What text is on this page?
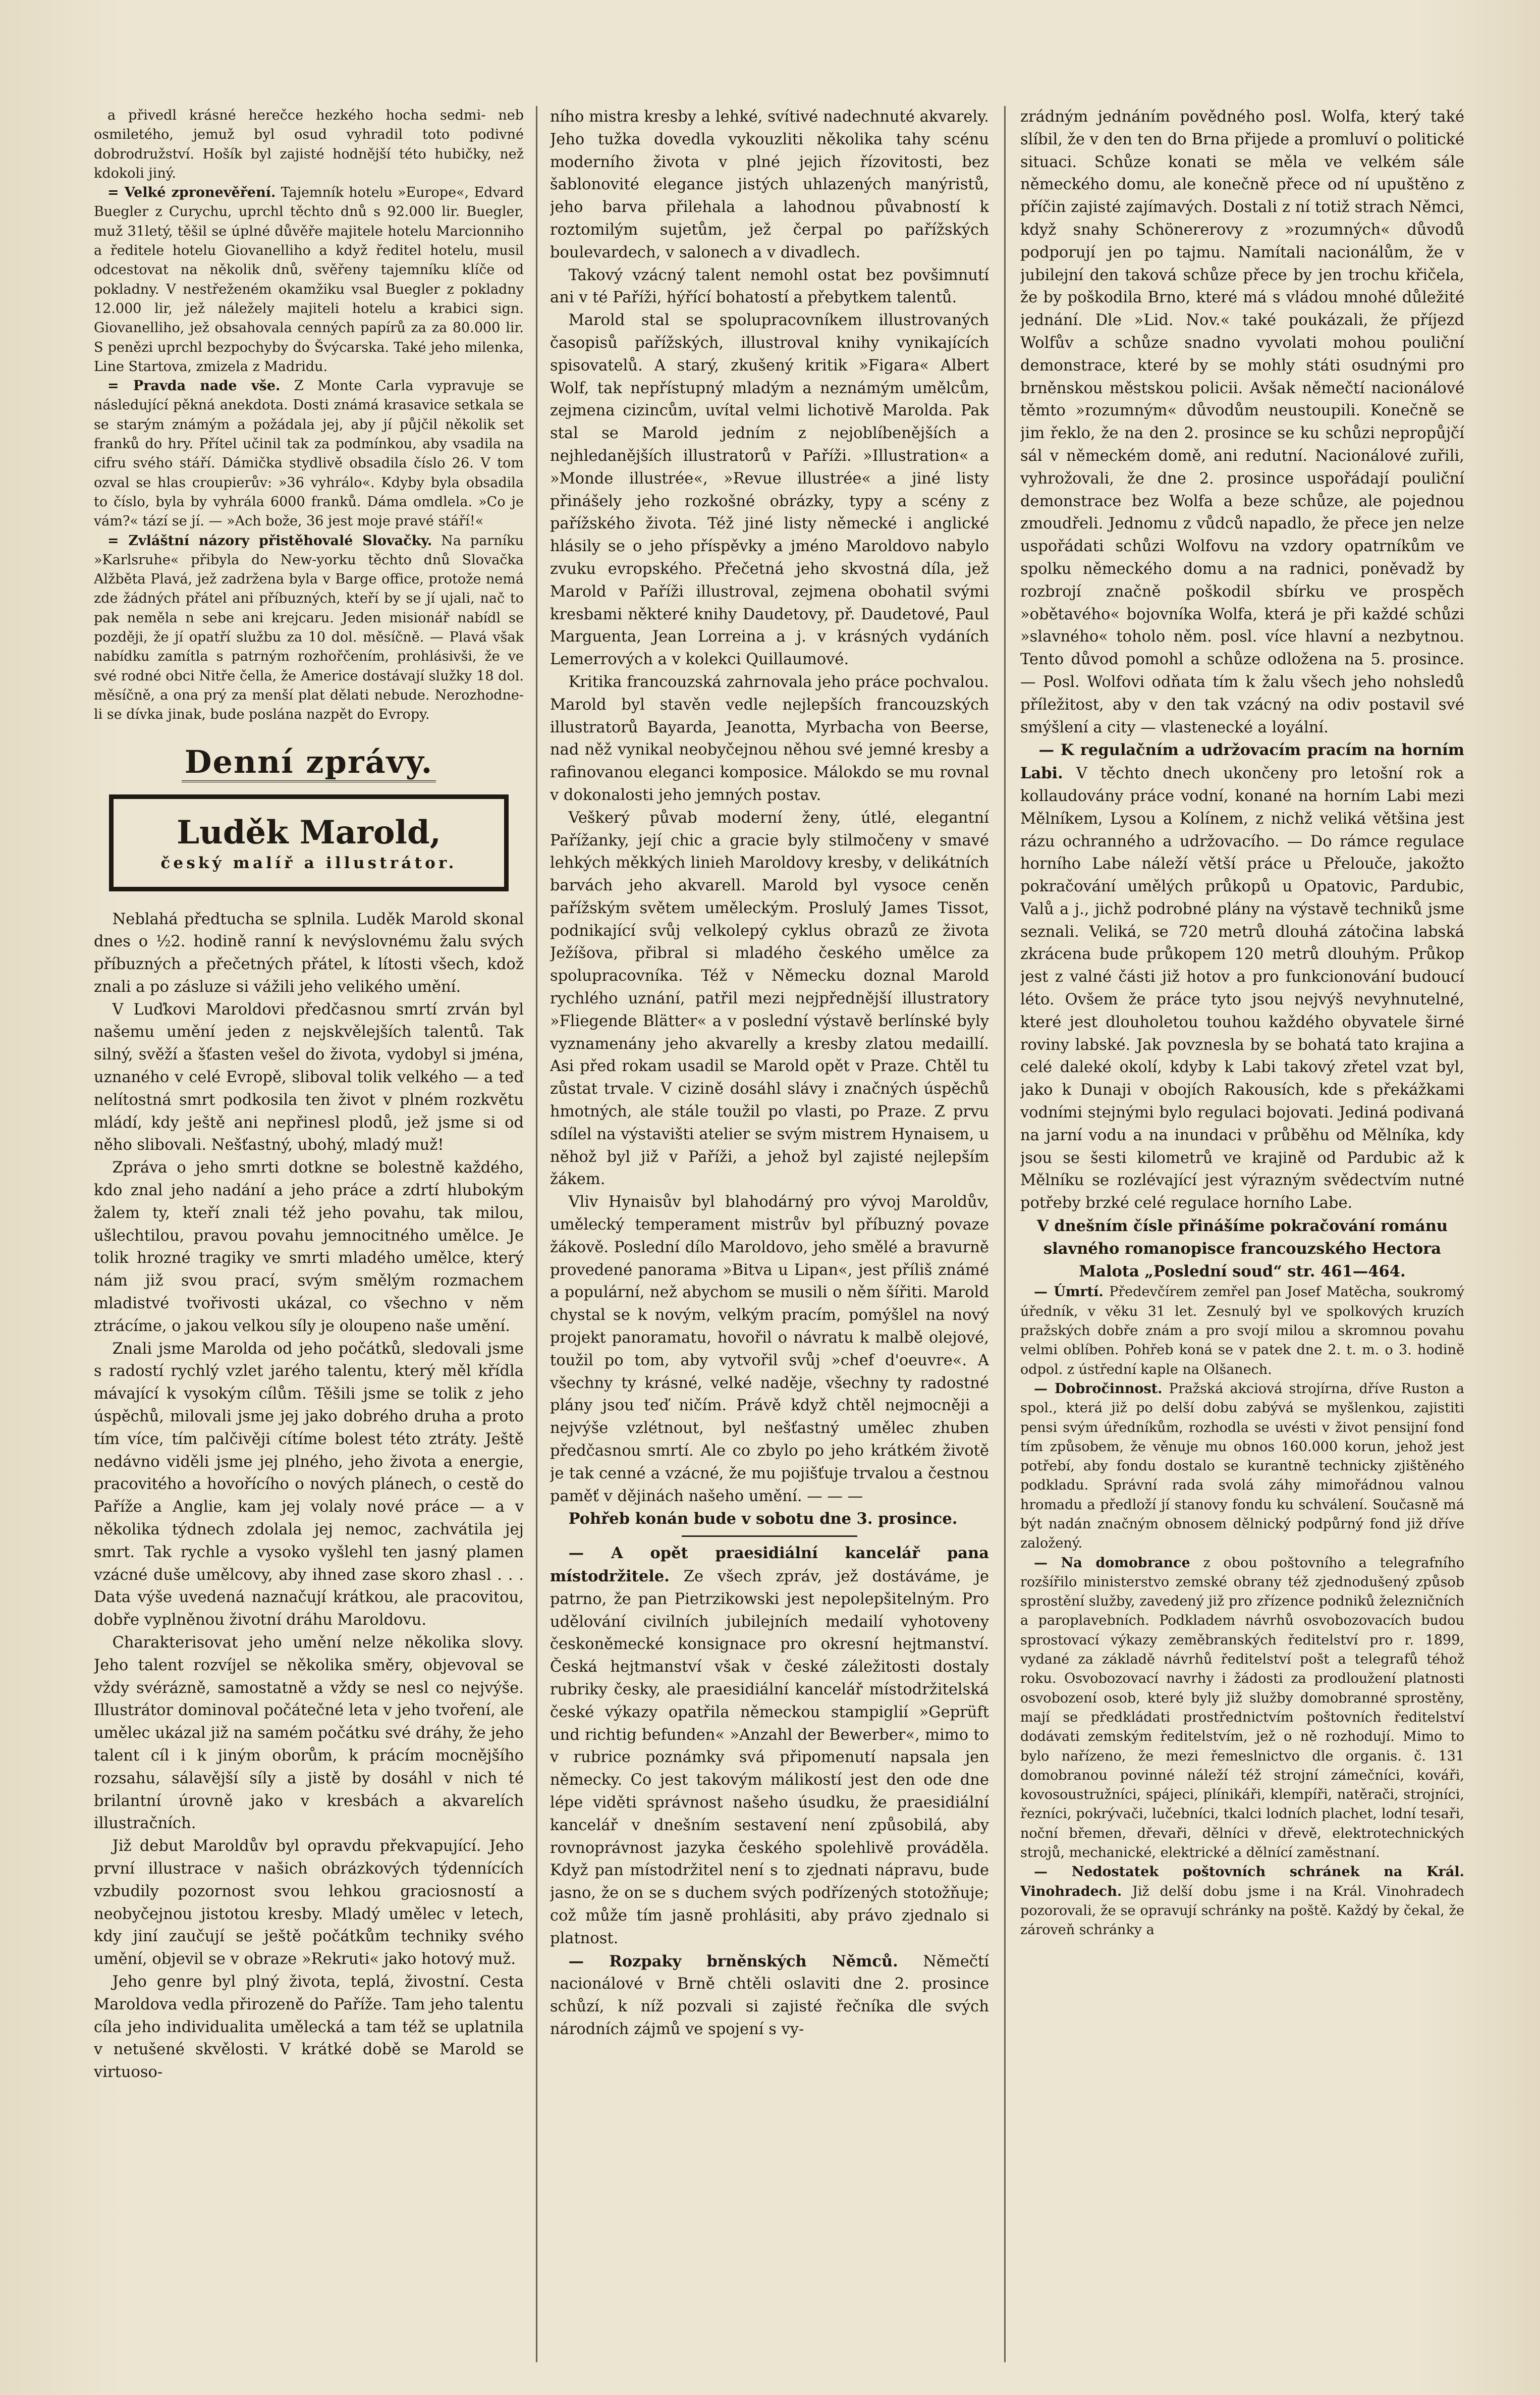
a přivedl krásné herečce hezkého hocha sedmi- neb osmiletého, jemuž byl osud vyhradil toto podivné dobrodružství. Hošík byl zajisté hodnější této hubičky, než kdokoli jiný.

= Velké zpronevěření. Tajemník hotelu »Europe«, Edvard Buegler z Curychu, uprchl těchto dnů s 92.000 lir. Buegler, muž 31letý, těšil se úplné důvěře majitele hotelu Marcionniho a ředitele hotelu Giovanelliho a když ředitel hotelu, musil odcestovat na několik dnů, svěřeny tajemníku klíče od pokladny. V nestřeženém okamžiku vsal Buegler z pokladny 12.000 lir, jež náležely majiteli hotelu a krabici sign. Giovanelliho, jež obsahovala cenných papírů za za 80.000 lir. S penězi uprchl bezpochyby do Švýcarska. Také jeho milenka, Line Startova, zmizela z Madridu.

= Pravda nade vše. Z Monte Carla vypravuje se následující pěkná anekdota. Dosti známá krasavice setkala se se starým známým a požádala jej, aby jí půjčil několik set franků do hry. Přítel učinil tak za podmínkou, aby vsadila na cifru svého stáří. Dámička stydlivě obsadila číslo 26. V tom ozval se hlas croupierův: »36 vyhrálo«. Kdyby byla obsadila to číslo, byla by vyhrála 6000 franků. Dáma omdlela. »Co je vám?« tází se jí. — »Ach bože, 36 jest moje pravé stáří!«

= Zvláštní názory přistěhovalé Slovačky. Na parníku »Karlsruhe« přibyla do New-yorku těchto dnů Slovačka Alžběta Plavá, jež zadržena byla v Barge office, protože nemá zde žádných přátel ani příbuzných, kteří by se jí ujali, nač to pak neměla n sebe ani krejcaru. Jeden misionář nabídl se později, že jí opatří službu za 10 dol. měsíčně. — Plavá však nabídku zamítla s patrným rozhořčením, prohlásivši, že ve své rodné obci Nitře čella, že Americe dostávají služky 18 dol. měsíčně, a ona prý za menší plat dělati nebude. Nerozhodne-li se dívka jinak, bude poslána nazpět do Evropy.

Denní zprávy.
Luděk Marold,
český malíř a illustrátor.

Neblahá předtucha se splnila. Luděk Marold skonal dnes o ½2. hodině ranní k nevýslovnému žalu svých příbuzných a přečetných přátel, k lítosti všech, kdož znali a po zásluze si vážili jeho velikého umění.

V Luďkovi Maroldovi předčasnou smrtí zrván byl našemu umění jeden z nejskvělejších talentů. Tak silný, svěží a šťasten vešel do života, vydobyl si jména, uznaného v celé Evropě, sliboval tolik velkého — a teď nelítostná smrt podkosila ten život v plném rozkvětu mládí, kdy ještě ani nepřinesl plodů, jež jsme si od něho slibovali. Nešťastný, ubohý, mladý muž!

Zpráva o jeho smrti dotkne se bolestně každého, kdo znal jeho nadání a jeho práce a zdrtí hlubokým žalem ty, kteří znali též jeho povahu, tak milou, ušlechtilou, pravou povahu jemnocitného umělce. Je tolik hrozné tragiky ve smrti mladého umělce, který nám již svou prací, svým smělým rozmachem mladistvé tvořivosti ukázal, co všechno v něm ztrácíme, o jakou velkou síly je oloupeno naše umění.

Znali jsme Marolda od jeho počátků, sledovali jsme s radostí rychlý vzlet jarého talentu, který měl křídla mávající k vysokým cílům. Těšili jsme se tolik z jeho úspěchů, milovali jsme jej jako dobrého druha a proto tím více, tím palčivěji cítíme bolest této ztráty. Ještě nedávno viděli jsme jej plného, jeho života a energie, pracovitého a hovořícího o nových plánech, o cestě do Paříže a Anglie, kam jej volaly nové práce — a v několika týdnech zdolala jej nemoc, zachvátila jej smrt. Tak rychle a vysoko vyšlehl ten jasný plamen vzácné duše umělcovy, aby ihned zase skoro zhasl . . . Data výše uvedená naznačují krátkou, ale pracovitou, dobře vyplněnou životní dráhu Maroldovu.

Charakterisovat jeho umění nelze několika slovy. Jeho talent rozvíjel se několika směry, objevoval se vždy svérázně, samostatně a vždy se nesl co nejvýše. Illustrátor dominoval počátečné leta v jeho tvoření, ale umělec ukázal již na samém počátku své dráhy, že jeho talent cíl i k jiným oborům, k prácím mocnějšího rozsahu, sálavější síly a jistě by dosáhl v nich té brilantní úrovně jako v kresbách a akvarelích illustračních.

Již debut Maroldův byl opravdu překvapující. Jeho první illustrace v našich obrázkových týdennících vzbudily pozornost svou lehkou graciosností a neobyčejnou jistotou kresby. Mladý umělec v letech, kdy jiní zaučují se ještě počátkům techniky svého umění, objevil se v obraze »Rekruti« jako hotový muž.

Jeho genre byl plný života, teplá, živostní. Cesta Maroldova vedla přirozeně do Paříže. Tam jeho talentu cíla jeho individualita umělecká a tam též se uplatnila v netušené skvělosti. V krátké době se Marold se virtuoso-

ního mistra kresby a lehké, svítivé nadechnuté akvarely. Jeho tužka dovedla vykouzliti několika tahy scénu moderního života v plné jejich řízovitosti, bez šablonovité elegance jistých uhlazených manýristů, jeho barva přilehala a lahodnou půvabností k roztomilým sujetům, jež čerpal po pařížských boulevardech, v salonech a v divadlech.

Takový vzácný talent nemohl ostat bez povšimnutí ani v té Paříži, hýřící bohatostí a přebytkem talentů.

Marold stal se spolupracovníkem illustrovaných časopisů pařížských, illustroval knihy vynikajících spisovatelů. A starý, zkušený kritik »Figara« Albert Wolf, tak nepřístupný mladým a neznámým umělcům, zejmena cizincům, uvítal velmi lichotivě Marolda. Pak stal se Marold jedním z nejoblíbenějších a nejhledanějších illustratorů v Paříži. »Illustration« a »Monde illustrée«, »Revue illustrée« a jiné listy přinášely jeho rozkošné obrázky, typy a scény z pařížského života. Též jiné listy německé i anglické hlásily se o jeho příspěvky a jméno Maroldovo nabylo zvuku evropského. Přečetná jeho skvostná díla, jež Marold v Paříži illustroval, zejmena obohatil svými kresbami některé knihy Daudetovy, př. Daudetové, Paul Marguenta, Jean Lorreina a j. v krásných vydáních Lemerrových a v kolekci Quillaumové.

Kritika francouzská zahrnovala jeho práce pochvalou. Marold byl stavěn vedle nejlepších francouzských illustratorů Bayarda, Jeanotta, Myrbacha von Beerse, nad něž vynikal neobyčejnou něhou své jemné kresby a rafinovanou eleganci komposice. Málokdo se mu rovnal v dokonalosti jeho jemných postav.

Veškerý půvab moderní ženy, útlé, elegantní Pařížanky, její chic a gracie byly stilmočeny v smavé lehkých měkkých linieh Maroldovy kresby, v delikátních barvách jeho akvarell. Marold byl vysoce ceněn pařížským světem uměleckým. Proslulý James Tissot, podnikající svůj velkolepý cyklus obrazů ze života Ježíšova, přibral si mladého českého umělce za spolupracovníka. Též v Německu doznal Marold rychlého uznání, patřil mezi nejpřednější illustratory »Fliegende Blätter« a v poslední výstavě berlínské byly vyznamenány jeho akvarelly a kresby zlatou medaillí. Asi před rokam usadil se Marold opět v Praze. Chtěl tu zůstat trvale. V cizině dosáhl slávy i značných úspěchů hmotných, ale stále toužil po vlasti, po Praze. Z prvu sdílel na výstavišti atelier se svým mistrem Hynaisem, u něhož byl již v Paříži, a jehož byl zajisté nejlepším žákem.

Vliv Hynaisův byl blahodárný pro vývoj Maroldův, umělecký temperament mistrův byl příbuzný povaze žákově. Poslední dílo Maroldovo, jeho smělé a bravurně provedené panorama »Bitva u Lipan«, jest příliš známé a populární, než abychom se musili o něm šířiti. Marold chystal se k novým, velkým pracím, pomýšlel na nový projekt panoramatu, hovořil o návratu k malbě olejové, toužil po tom, aby vytvořil svůj »chef d'oeuvre«. A všechny ty krásné, velké naděje, všechny ty radostné plány jsou teď ničím. Právě když chtěl nejmocněji a nejvýše vzlétnout, byl nešťastný umělec zhuben předčasnou smrtí. Ale co zbylo po jeho krátkém životě je tak cenné a vzácné, že mu pojišťuje trvalou a čestnou paměť v dějinách našeho umění. — — —

Pohřeb konán bude v sobotu dne 3. prosince.

— A opět praesidiální kancelář pana místodržitele. Ze všech zpráv, jež dostáváme, je patrno, že pan Pietrzikowski jest nepolepšitelným. Pro udělování civilních jubilejních medailí vyhotoveny českoněmecké konsignace pro okresní hejtmanství. Česká hejtmanství však v české záležitosti dostaly rubriky česky, ale praesidiální kancelář místodržitelská české výkazy opatřila německou stampiglií »Geprüft und richtig befunden« »Anzahl der Bewerber«, mimo to v rubrice poznámky svá připomenutí napsala jen německy. Co jest takovým málikostí jest den ode dne lépe viděti správnost našeho úsudku, že praesidiální kancelář v dnešním sestavení není způsobilá, aby rovnoprávnost jazyka českého spolehlivě prováděla. Když pan místodržitel není s to zjednati nápravu, bude jasno, že on se s duchem svých podřízených stotožňuje; což může tím jasně prohlásiti, aby právo zjednalo si platnost.

— Rozpaky brněnských Němců. Němečtí nacionálové v Brně chtěli oslaviti dne 2. prosince schůzí, k níž pozvali si zajisté řečníka dle svých národních zájmů ve spojení s vy-

zrádným jednáním povědného posl. Wolfa, který také slíbil, že v den ten do Brna přijede a promluví o politické situaci. Schůze konati se měla ve velkém sále německého domu, ale konečně přece od ní upuštěno z příčin zajisté zajímavých. Dostali z ní totiž strach Němci, když snahy Schönererovy z »rozumných« důvodů podporují jen po tajmu. Namítali nacionálům, že v jubilejní den taková schůze přece by jen trochu křičela, že by poškodila Brno, které má s vládou mnohé důležité jednání. Dle »Lid. Nov.« také poukázali, že příjezd Wolfův a schůze snadno vyvolati mohou pouliční demonstrace, které by se mohly státi osudnými pro brněnskou městskou policii. Avšak němečtí nacionálové těmto »rozumným« důvodům neustoupili. Konečně se jim řeklo, že na den 2. prosince se ku schůzi nepropůjčí sál v německém domě, ani redutní. Nacionálové zuřili, vyhrožovali, že dne 2. prosince uspořádají pouliční demonstrace bez Wolfa a beze schůze, ale pojednou zmoudřeli. Jednomu z vůdců napadlo, že přece jen nelze uspořádati schůzi Wolfovu na vzdory opatrníkům ve spolku německého domu a na radnici, poněvadž by rozbrojí značně poškodil sbírku ve prospěch »obětavého« bojovníka Wolfa, která je při každé schůzi »slavného« toholo něm. posl. více hlavní a nezbytnou. Tento důvod pomohl a schůze odložena na 5. prosince. — Posl. Wolfovi odňata tím k žalu všech jeho nohsledů příležitost, aby v den tak vzácný na odiv postavil své smýšlení a city — vlastenecké a loyální.

— K regulačním a udržovacím pracím na horním Labi. V těchto dnech ukončeny pro letošní rok a kollaudovány práce vodní, konané na horním Labi mezi Mělníkem, Lysou a Kolínem, z nichž veliká většina jest rázu ochranného a udržovacího. — Do rámce regulace horního Labe náleží větší práce u Přelouče, jakožto pokračování umělých průkopů u Opatovic, Pardubic, Valů a j., jichž podrobné plány na výstavě techniků jsme seznali. Veliká, se 720 metrů dlouhá zátočina labská zkrácena bude průkopem 120 metrů dlouhým. Průkop jest z valné části již hotov a pro funkcionování budoucí léto. Ovšem že práce tyto jsou nejvýš nevyhnutelné, které jest dlouholetou touhou každého obyvatele širné roviny labské. Jak povznesla by se bohatá tato krajina a celé daleké okolí, kdyby k Labi takový zřetel vzat byl, jako k Dunaji v obojích Rakousích, kde s překážkami vodními stejnými bylo regulaci bojovati. Jediná podivaná na jarní vodu a na inundaci v průběhu od Mělníka, kdy jsou se šesti kilometrů ve krajině od Pardubic až k Mělníku se rozlévající jest výrazným svědectvím nutné potřeby brzké celé regulace horního Labe.

V dnešním čísle přinášíme pokračování románu slavného romanopisce francouzského Hectora Malota „Poslední soud“ str. 461—464.

— Úmrtí. Předevčírem zemřel pan Josef Matěcha, soukromý úředník, v věku 31 let. Zesnulý byl ve spolkových kruzích pražských dobře znám a pro svojí milou a skromnou povahu velmi oblíben. Pohřeb koná se v patek dne 2. t. m. o 3. hodině odpol. z ústřední kaple na Olšanech.

— Dobročinnost. Pražská akciová strojírna, dříve Ruston a spol., která již po delší dobu zabývá se myšlenkou, zajistiti pensi svým úředníkům, rozhodla se uvésti v život pensijní fond tím způsobem, že věnuje mu obnos 160.000 korun, jehož jest potřebí, aby fondu dostalo se kurantně technicky zjištěného podkladu. Správní rada svolá záhy mimořádnou valnou hromadu a předloží jí stanovy fondu ku schválení. Současně má být nadán značným obnosem dělnický podpůrný fond již dříve založený.

— Na domobrance z obou poštovního a telegrafního rozšířilo ministerstvo zemské obrany též zjednodušený způsob sprostění služby, zavedený již pro zřízence podniků železničních a paroplavebních. Podkladem návrhů osvobozovacích budou sprostovací výkazy zeměbranských ředitelství pro r. 1899, vydané za základě návrhů ředitelství pošt a telegrafů téhož roku. Osvobozovací navrhy i žádosti za prodloužení platnosti osvobození osob, které byly již služby domobranné sprostěny, mají se předkládati prostřednictvím poštovních ředitelství dodávati zemským ředitelstvím, jež o ně rozhodují. Mimo to bylo nařízeno, že mezi řemeslnictvo dle organis. č. 131 domobranou povinné náleží též strojní zámečníci, kováři, kovosoustružníci, spájeci, plínikáři, klempíři, natěrači, strojníci, řezníci, pokrývači, lučebníci, tkalci lodních plachet, lodní tesaři, noční břemen, dřevaři, dělníci v dřevě, elektrotechnických strojů, mechanické, elektrické a dělnící zaměstnaní.

— Nedostatek poštovních schránek na Král. Vinohradech. Již delší dobu jsme i na Král. Vinohradech pozorovali, že se opravují schránky na poště. Každý by čekal, že zároveň schránky a
